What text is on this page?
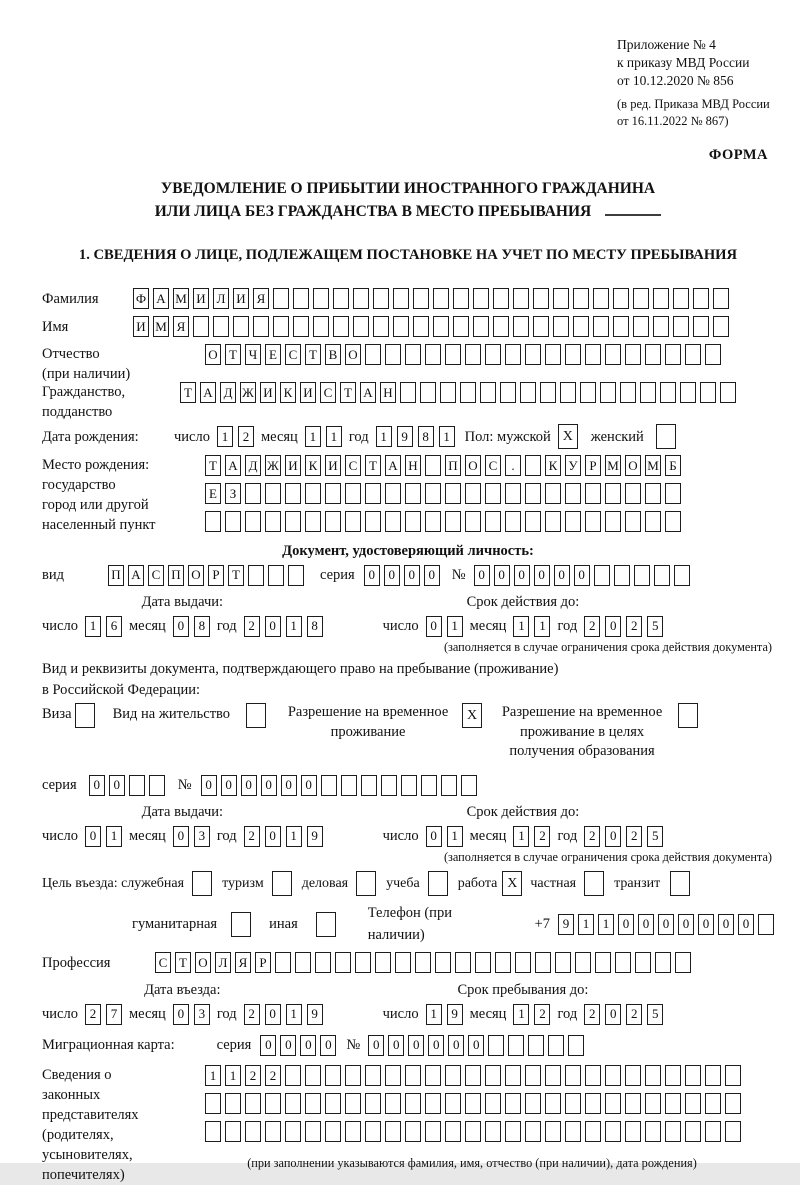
Приложение № 4
к приказу МВД России
от 10.12.2020 № 856
(в ред. Приказа МВД России
от 16.11.2022 № 867)
ФОРМА
УВЕДОМЛЕНИЕ О ПРИБЫТИИ ИНОСТРАННОГО ГРАЖДАНИНА
ИЛИ ЛИЦА БЕЗ ГРАЖДАНСТВА В МЕСТО ПРЕБЫВАНИЯ
1. СВЕДЕНИЯ О ЛИЦЕ, ПОДЛЕЖАЩЕМ ПОСТАНОВКЕ НА УЧЕТ ПО МЕСТУ ПРЕБЫВАНИЯ
Фамилия	Ф А М И Л И Я
Имя	И М Я
Отчество
(при наличии)
О Т Ч Е С Т В О
Гражданство,
подданство
Т А Д Ж И К И С Т А Н
Дата рождения:	число 1	2 месяц 1	1 год 1	9	8	1	Пол: мужской X	женский
Место рождения:
государство
город или другой
населенный пункт
Т А Д Ж И К И С Т А Н П О С	.	К У Р М О М Б
Е З
Документ, удостоверяющий личность:
вид	П А С П О Р Т	серия	0	0	0	0	№ 0	0	0	0	0	0
Дата выдачи:
число 1	6 месяц 0	8 год 2	0	1	8
Срок действия до:
число 0	1 месяц 1	1 год 2	0	2	5
(заполняется в случае ограничения срока действия документа)
Вид и реквизиты документа, подтверждающего право на пребывание (проживание)
в Российской Федерации:
Виза	Вид на жительство	Разрешение на временное проживание
X	Разрешение на временное проживание в целях получения образования
серия	0	0	№	0	0	0	0	0	0
Дата выдачи:
число 0	1 месяц 0	3 год 2	0	1	9
Срок действия до:
число 0	1 месяц 1	2 год 2	0	2	5
(заполняется в случае ограничения срока действия документа)
Цель въезда: служебная	туризм	деловая	учеба	работа X частная	транзит
гуманитарная	иная
Телефон (при наличии)
+7 9	1	1	0	0	0	0	0	0	0
Профессия	С Т О Л Я Р
Дата въезда:
число 2	7 месяц 0	3 год 2	0	1	9
Срок пребывания до:
число 1	9 месяц 1	2 год 2	0	2	5
Миграционная карта:	серия	0	0	0	0	№ 0	0	0	0	0	0
Сведения о
законных
представителях
(родителях,
усыновителях,
попечителях)
1	1	2	2
(при заполнении указываются фамилия, имя, отчество (при наличии), дата рождения)
